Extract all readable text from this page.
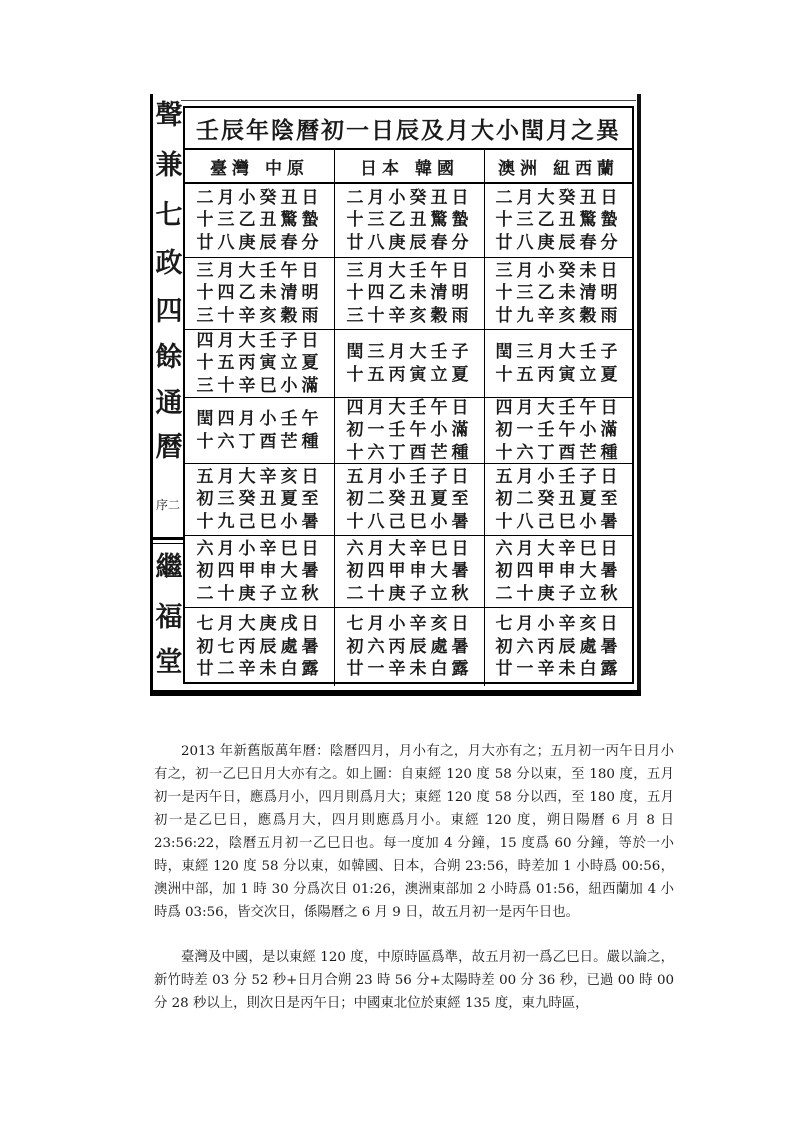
聲
兼
七
政
四
餘
通
曆
序二
繼
福
堂
壬辰年陰曆初一日辰及月大小閏月之異
臺灣 中原	日本 韓國	澳洲 紐西蘭
二月小癸丑日
十三乙丑驚蟄
廿八庚辰春分
二月小癸丑日
十三乙丑驚蟄
廿八庚辰春分
二月大癸丑日
十三乙丑驚蟄
廿八庚辰春分
三月大壬午日
十四乙未清明
三十辛亥穀雨
三月大壬午日
十四乙未清明
三十辛亥穀雨
三月小癸未日
十三乙未清明
廿九辛亥穀雨
四月大壬子日
十五丙寅立夏
三十辛巳小滿
閏三月大壬子
十五丙寅立夏
閏三月大壬子
十五丙寅立夏
閏四月小壬午
十六丁酉芒種
四月大壬午日
初一壬午小滿
十六丁酉芒種
四月大壬午日
初一壬午小滿
十六丁酉芒種
五月大辛亥日
初三癸丑夏至
十九己巳小暑
五月小壬子日
初二癸丑夏至
十八己巳小暑
五月小壬子日
初二癸丑夏至
十八己巳小暑
六月小辛巳日
初四甲申大暑
二十庚子立秋
六月大辛巳日
初四甲申大暑
二十庚子立秋
六月大辛巳日
初四甲申大暑
二十庚子立秋
七月大庚戌日
初七丙辰處暑
廿二辛未白露
七月小辛亥日
初六丙辰處暑
廿一辛未白露
七月小辛亥日
初六丙辰處暑
廿一辛未白露

2013 年新舊版萬年曆：陰曆四月，月小有之，月大亦有之；五月初一丙午日月小有之，初一乙巳日月大亦有之。如上圖：自東經 120 度 58 分以東，至 180 度，五月初一是丙午日，應爲月小，四月則爲月大；東經 120 度 58 分以西，至 180 度，五月初一是乙巳日，應爲月大，四月則應爲月小。東經 120 度，朔日陽曆 6 月 8 日 23:56:22，陰曆五月初一乙巳日也。每一度加 4 分鐘，15 度爲 60 分鐘，等於一小時，東經 120 度 58 分以東，如韓國、日本，合朔 23:56，時差加 1 小時爲 00:56，澳洲中部，加 1 時 30 分爲次日 01:26，澳洲東部加 2 小時爲 01:56，紐西蘭加 4 小時爲 03:56，皆交次日，係陽曆之 6 月 9 日，故五月初一是丙午日也。

臺灣及中國，是以東經 120 度，中原時區爲準，故五月初一爲乙巳日。嚴以論之，新竹時差 03 分 52 秒+日月合朔 23 時 56 分+太陽時差 00 分 36 秒，已過 00 時 00 分 28 秒以上，則次日是丙午日；中國東北位於東經 135 度，東九時區，
